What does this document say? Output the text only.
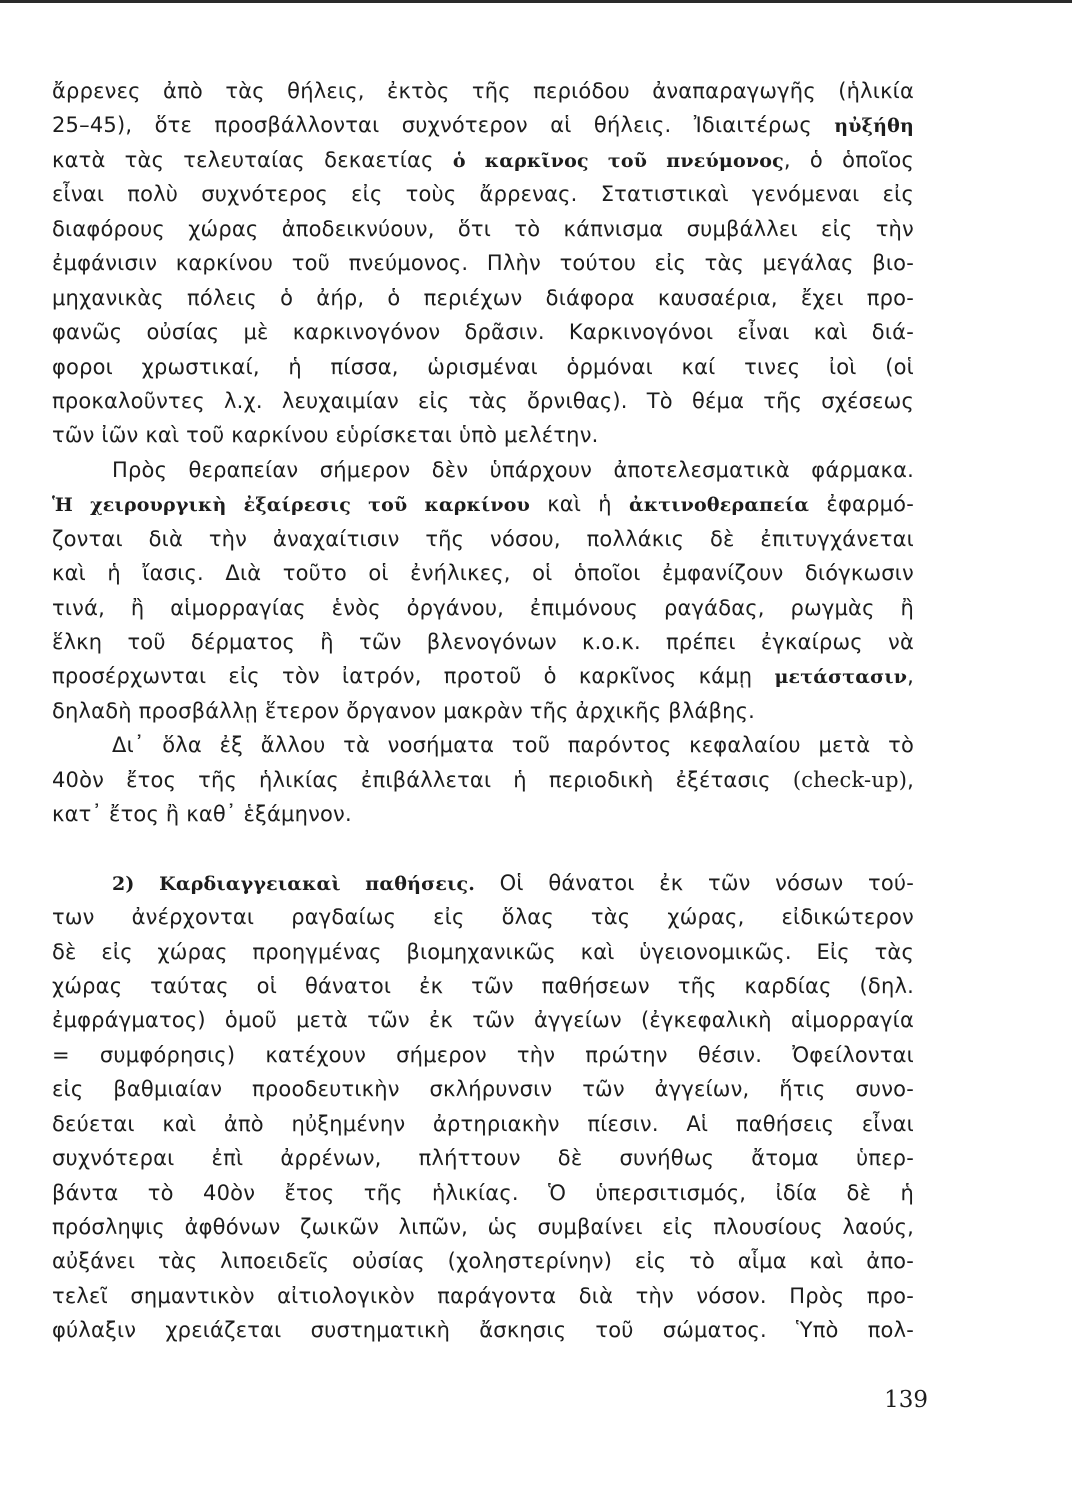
ἄρρενες ἀπὸ τὰς θήλεις, ἐκτὸς τῆς περιόδου ἀναπαραγωγῆς (ἡλικία
25–45), ὅτε προσβάλλονται συχνότερον αἱ θήλεις. Ἰδιαιτέρως ηὐξήθη
κατὰ τὰς τελευταίας δεκαετίας ὁ καρκῖνος τοῦ πνεύμονος, ὁ ὁποῖος
εἶναι πολὺ συχνότερος εἰς τοὺς ἄρρενας. Στατιστικαὶ γενόμεναι εἰς
διαφόρους χώρας ἀποδεικνύουν, ὅτι τὸ κάπνισμα συμβάλλει εἰς τὴν
ἐμφάνισιν καρκίνου τοῦ πνεύμονος. Πλὴν τούτου εἰς τὰς μεγάλας βιο-
μηχανικὰς πόλεις ὁ ἀήρ, ὁ περιέχων διάφορα καυσαέρια, ἔχει προ-
φανῶς οὐσίας μὲ καρκινογόνον δρᾶσιν. Καρκινογόνοι εἶναι καὶ διά-
φοροι χρωστικαί, ἡ πίσσα, ὡρισμέναι ὁρμόναι καί τινες ἰοὶ (οἱ
προκαλοῦντες λ.χ. λευχαιμίαν εἰς τὰς ὄρνιθας). Τὸ θέμα τῆς σχέσεως
τῶν ἰῶν καὶ τοῦ καρκίνου εὑρίσκεται ὑπὸ μελέτην.
Πρὸς θεραπείαν σήμερον δὲν ὑπάρχουν ἀποτελεσματικὰ φάρμακα.
Ἡ χειρουργικὴ ἐξαίρεσις τοῦ καρκίνου καὶ ἡ ἀκτινοθεραπεία ἐφαρμό-
ζονται διὰ τὴν ἀναχαίτισιν τῆς νόσου, πολλάκις δὲ ἐπιτυγχάνεται
καὶ ἡ ἴασις. Διὰ τοῦτο οἱ ἐνήλικες, οἱ ὁποῖοι ἐμφανίζουν διόγκωσιν
τινά, ἢ αἱμορραγίας ἑνὸς ὀργάνου, ἐπιμόνους ραγάδας, ρωγμὰς ἢ
ἕλκη τοῦ δέρματος ἢ τῶν βλενογόνων κ.ο.κ. πρέπει ἐγκαίρως νὰ
προσέρχωνται εἰς τὸν ἰατρόν, προτοῦ ὁ καρκῖνος κάμῃ μετάστασιν,
δηλαδὴ προσβάλλῃ ἕτερον ὄργανον μακρὰν τῆς ἀρχικῆς βλάβης.
Δι᾽ ὅλα ἐξ ἄλλου τὰ νοσήματα τοῦ παρόντος κεφαλαίου μετὰ τὸ
40ὸν ἔτος τῆς ἡλικίας ἐπιβάλλεται ἡ περιοδικὴ ἐξέτασις (check-up),
κατ᾽ ἔτος ἢ καθ᾽ ἑξάμηνον.
2) Καρδιαγγειακαὶ παθήσεις. Οἱ θάνατοι ἐκ τῶν νόσων τού-
των ἀνέρχονται ραγδαίως εἰς ὅλας τὰς χώρας, εἰδικώτερον
δὲ εἰς χώρας προηγμένας βιομηχανικῶς καὶ ὑγειονομικῶς. Εἰς τὰς
χώρας ταύτας οἱ θάνατοι ἐκ τῶν παθήσεων τῆς καρδίας (δηλ.
ἐμφράγματος) ὁμοῦ μετὰ τῶν ἐκ τῶν ἀγγείων (ἐγκεφαλικὴ αἱμορραγία
= συμφόρησις) κατέχουν σήμερον τὴν πρώτην θέσιν. Ὀφείλονται
εἰς βαθμιαίαν προοδευτικὴν σκλήρυνσιν τῶν ἀγγείων, ἥτις συνο-
δεύεται καὶ ἀπὸ ηὐξημένην ἀρτηριακὴν πίεσιν. Αἱ παθήσεις εἶναι
συχνότεραι ἐπὶ ἀρρένων, πλήττουν δὲ συνήθως ἄτομα ὑπερ-
βάντα τὸ 40ὸν ἔτος τῆς ἡλικίας. Ὁ ὑπερσιτισμός, ἰδία δὲ ἡ
πρόσληψις ἀφθόνων ζωικῶν λιπῶν, ὡς συμβαίνει εἰς πλουσίους λαούς,
αὐξάνει τὰς λιποειδεῖς οὐσίας (χοληστερίνην) εἰς τὸ αἷμα καὶ ἀπο-
τελεῖ σημαντικὸν αἰτιολογικὸν παράγοντα διὰ τὴν νόσον. Πρὸς προ-
φύλαξιν χρειάζεται συστηματικὴ ἄσκησις τοῦ σώματος. Ὑπὸ πολ-
139
